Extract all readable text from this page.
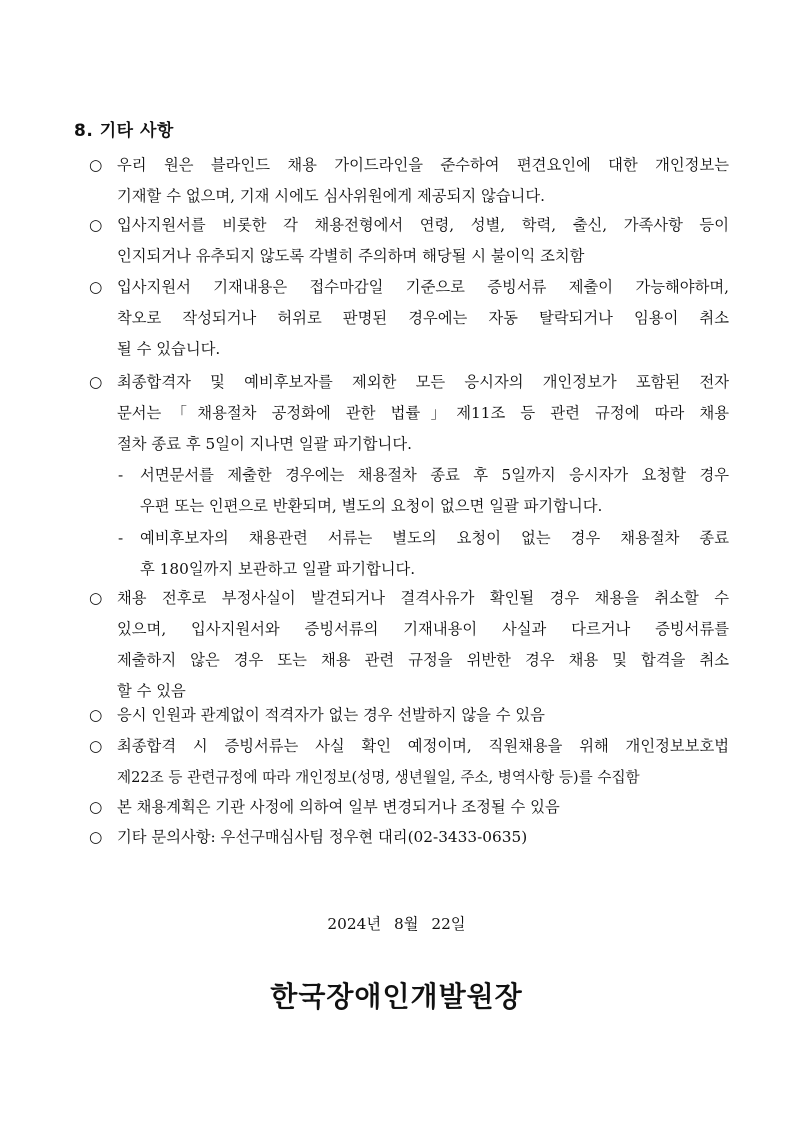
8. 기타 사항
○ 우리 원은 블라인드 채용 가이드라인을 준수하여 편견요인에 대한 개인정보는
기재할 수 없으며, 기재 시에도 심사위원에게 제공되지 않습니다.
○ 입사지원서를 비롯한 각 채용전형에서 연령, 성별, 학력, 출신, 가족사항 등이
인지되거나 유추되지 않도록 각별히 주의하며 해당될 시 불이익 조치함
○ 입사지원서 기재내용은 접수마감일 기준으로 증빙서류 제출이 가능해야하며,
착오로 작성되거나 허위로 판명된 경우에는 자동 탈락되거나 임용이 취소
될 수 있습니다.
○ 최종합격자 및 예비후보자를 제외한 모든 응시자의 개인정보가 포함된 전자
문서는「채용절차 공정화에 관한 법률」제11조 등 관련 규정에 따라 채용
절차 종료 후 5일이 지나면 일괄 파기합니다.
- 서면문서를 제출한 경우에는 채용절차 종료 후 5일까지 응시자가 요청할 경우
우편 또는 인편으로 반환되며, 별도의 요청이 없으면 일괄 파기합니다.
- 예비후보자의 채용관련 서류는 별도의 요청이 없는 경우 채용절차 종료
후 180일까지 보관하고 일괄 파기합니다.
○ 채용 전후로 부정사실이 발견되거나 결격사유가 확인될 경우 채용을 취소할 수
있으며, 입사지원서와 증빙서류의 기재내용이 사실과 다르거나 증빙서류를
제출하지 않은 경우 또는 채용 관련 규정을 위반한 경우 채용 및 합격을 취소
할 수 있음
○ 응시 인원과 관계없이 적격자가 없는 경우 선발하지 않을 수 있음
○ 최종합격 시 증빙서류는 사실 확인 예정이며, 직원채용을 위해 개인정보보호법
제22조 등 관련규정에 따라 개인정보(성명, 생년월일, 주소, 병역사항 등)를 수집함
○ 본 채용계획은 기관 사정에 의하여 일부 변경되거나 조정될 수 있음
○ 기타 문의사항: 우선구매심사팀 정우현 대리(02-3433-0635)
2024년 8월 22일
한국장애인개발원장
